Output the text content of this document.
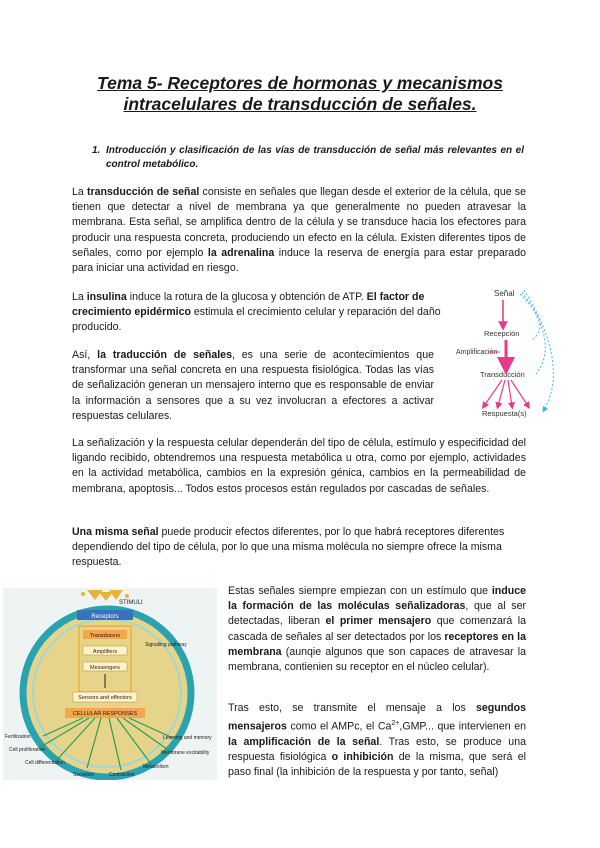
Tema 5- Receptores de hormonas y mecanismos
intracelulares de transducción de señales.
1. Introducción y clasificación de las vías de transducción de señal más relevantes en el control metabólico.

La transducción de señal consiste en señales que llegan desde el exterior de la célula, que se tienen que detectar a nivel de membrana ya que generalmente no pueden atravesar la membrana. Esta señal, se amplifica dentro de la célula y se transduce hacia los efectores para producir una respuesta concreta, produciendo un efecto en la célula. Existen diferentes tipos de señales, como por ejemplo la adrenalina induce la reserva de energía para estar preparado para iniciar una actividad en riesgo.

La insulina induce la rotura de la glucosa y obtención de ATP. El factor de crecimiento epidérmico estimula el crecimiento celular y reparación del daño producido.

Así, la traducción de señales, es una serie de acontecimientos que transformar una señal concreta en una respuesta fisiológica. Todas las vías de señalización generan un mensajero interno que es responsable de enviar la información a sensores que a su vez involucran a efectores a activar respuestas celulares.

Señal
Recepción
Amplificación
Transducción
Respuesta(s)

La señalización y la respuesta celular dependerán del tipo de célula, estímulo y especificidad del ligando recibido, obtendremos una respuesta metabólica u otra, como por ejemplo, actividades en la actividad metabólica, cambios en la expresión génica, cambios en la permeabilidad de membrana, apoptosis... Todos estos procesos están regulados por cascadas de señales.

Una misma señal puede producir efectos diferentes, por lo que habrá receptores diferentes dependiendo del tipo de célula, por lo que una misma molécula no siempre ofrece la misma respuesta.

STIMULI
Receptors
Transducers
Amplifiers
Messengers
Sensors and effectors
CELLULAR RESPONSES
Signalling pathway
Fertilization
Cell proliferation
Cell differentiation
Secretion	Contraction
Metabolism
Membrane excitability
Learning and memory

Estas señales siempre empiezan con un estímulo que induce la formación de las moléculas señalizadoras, que al ser detectadas, liberan el primer mensajero que comenzará la cascada de señales al ser detectados por los receptores en la membrana (aunqie algunos que son capaces de atravesar la membrana, contienien su receptor en el núcleo celular).

Tras esto, se transmite el mensaje a los segundos mensajeros como el AMPc, el $Ca^{2+},GMP$... que intervienen en la amplificación de la señal. Tras esto, se produce una respuesta fisiológica o inhibición de la misma, que será el paso final (la inhibición de la respuesta y por tanto, señal)
